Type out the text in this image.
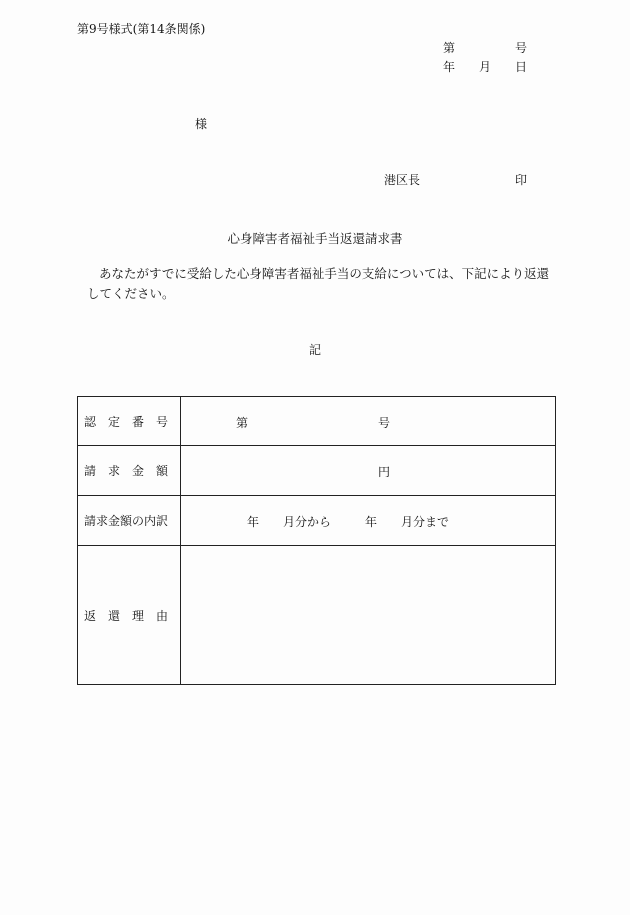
第9号様式(第14条関係)
第	号
年 月 日
様
港区長	印
心身障害者福祉手当返還請求書
あなたがすでに受給した心身障害者福祉手当の支給については、下記により返還してください。
記
認　定　番　号	第 号

請　求　金　額	円

請求金額の内訳	年 月分から 年 月分まで

返　還　理　由	
